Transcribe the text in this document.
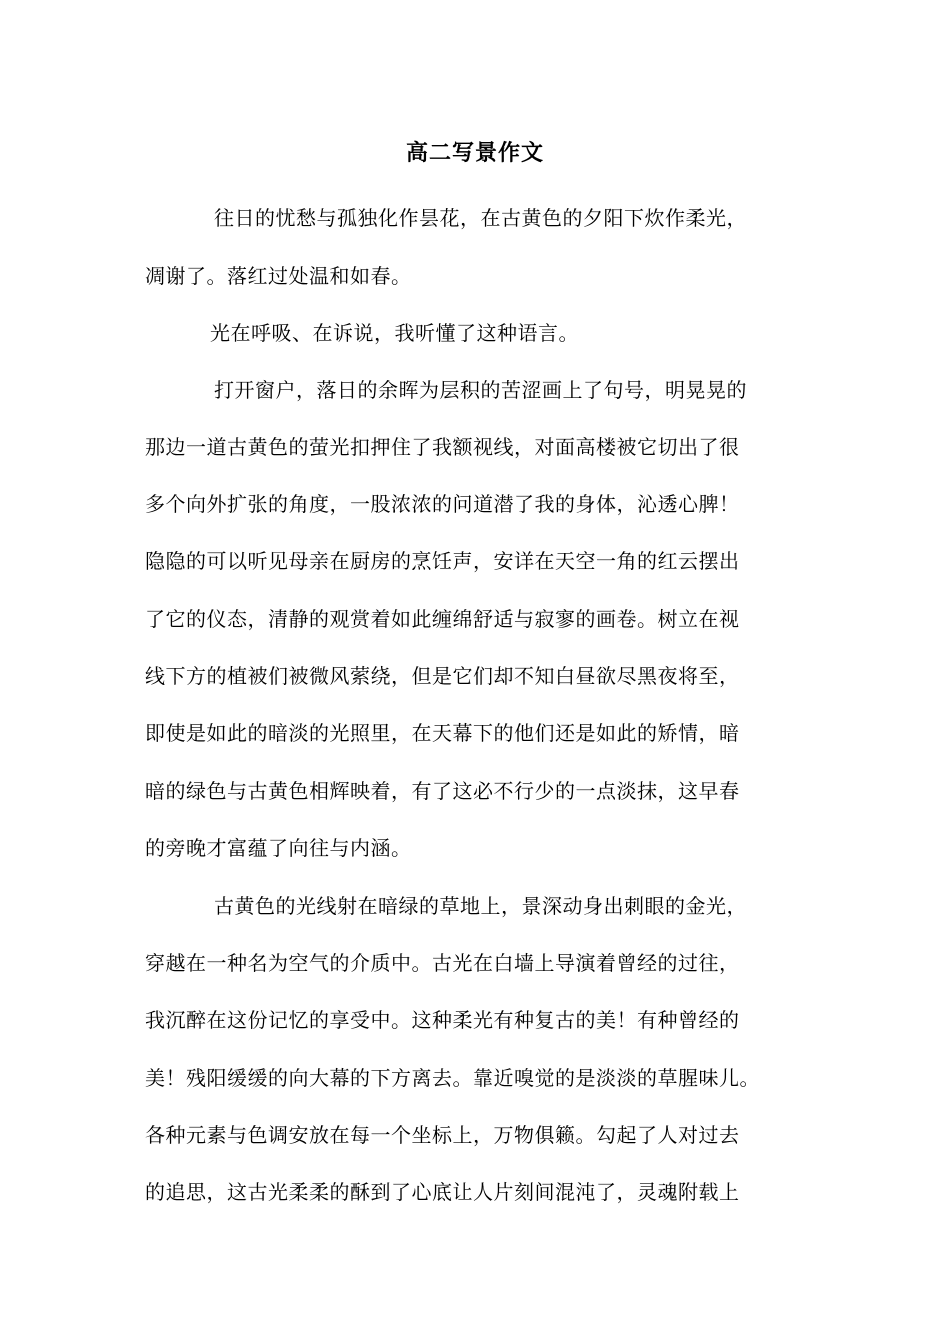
高二写景作文
往日的忧愁与孤独化作昙花，在古黄色的夕阳下炊作柔光，
凋谢了。落红过处温和如春。
光在呼吸、在诉说，我听懂了这种语言。
打开窗户，落日的余晖为层积的苦涩画上了句号，明晃晃的
那边一道古黄色的萤光扣押住了我额视线，对面高楼被它切出了很
多个向外扩张的角度，一股浓浓的问道潜了我的身体，沁透心脾！
隐隐的可以听见母亲在厨房的烹饪声，安详在天空一角的红云摆出
了它的仪态，清静的观赏着如此缠绵舒适与寂寥的画卷。树立在视
线下方的植被们被微风萦绕，但是它们却不知白昼欲尽黑夜将至，
即使是如此的暗淡的光照里，在天幕下的他们还是如此的矫情，暗
暗的绿色与古黄色相辉映着，有了这必不行少的一点淡抹，这早春
的旁晚才富蕴了向往与内涵。
古黄色的光线射在暗绿的草地上，景深动身出刺眼的金光，
穿越在一种名为空气的介质中。古光在白墙上导演着曾经的过往，
我沉醉在这份记忆的享受中。这种柔光有种复古的美！有种曾经的
美！残阳缓缓的向大幕的下方离去。靠近嗅觉的是淡淡的草腥味儿。
各种元素与色调安放在每一个坐标上，万物俱籁。勾起了人对过去
的追思，这古光柔柔的酥到了心底让人片刻间混沌了，灵魂附载上
